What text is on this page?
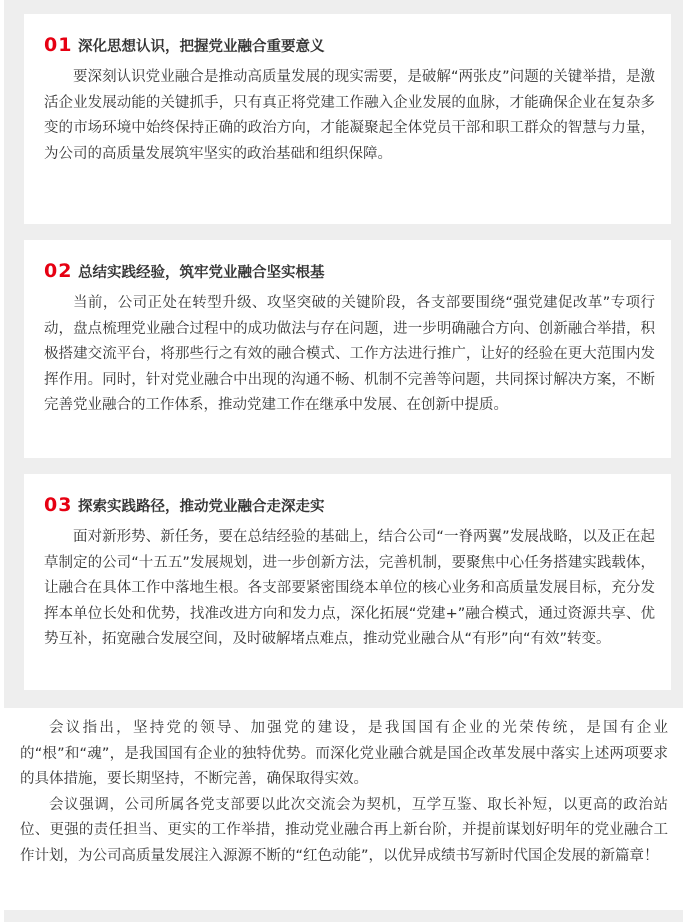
01 深化思想认识，把握党业融合重要意义

要深刻认识党业融合是推动高质量发展的现实需要，是破解“两张皮”问题的关键举措，是激活企业发展动能的关键抓手，只有真正将党建工作融入企业发展的血脉，才能确保企业在复杂多变的市场环境中始终保持正确的政治方向，才能凝聚起全体党员干部和职工群众的智慧与力量，为公司的高质量发展筑牢坚实的政治基础和组织保障。

02 总结实践经验，筑牢党业融合坚实根基

当前，公司正处在转型升级、攻坚突破的关键阶段，各支部要围绕“强党建促改革”专项行动，盘点梳理党业融合过程中的成功做法与存在问题，进一步明确融合方向、创新融合举措，积极搭建交流平台，将那些行之有效的融合模式、工作方法进行推广，让好的经验在更大范围内发挥作用。同时，针对党业融合中出现的沟通不畅、机制不完善等问题，共同探讨解决方案，不断完善党业融合的工作体系，推动党建工作在继承中发展、在创新中提质。

03 探索实践路径，推动党业融合走深走实

面对新形势、新任务，要在总结经验的基础上，结合公司“一脊两翼”发展战略，以及正在起草制定的公司“十五五”发展规划，进一步创新方法，完善机制，要聚焦中心任务搭建实践载体，让融合在具体工作中落地生根。各支部要紧密围绕本单位的核心业务和高质量发展目标，充分发挥本单位长处和优势，找准改进方向和发力点，深化拓展“党建+”融合模式，通过资源共享、优势互补，拓宽融合发展空间，及时破解堵点难点，推动党业融合从“有形”向“有效”转变。

会议指出，坚持党的领导、加强党的建设，是我国国有企业的光荣传统，是国有企业的“根”和“魂”，是我国国有企业的独特优势。而深化党业融合就是国企改革发展中落实上述两项要求的具体措施，要长期坚持，不断完善，确保取得实效。

会议强调，公司所属各党支部要以此次交流会为契机，互学互鉴、取长补短，以更高的政治站位、更强的责任担当、更实的工作举措，推动党业融合再上新台阶，并提前谋划好明年的党业融合工作计划，为公司高质量发展注入源源不断的“红色动能”，以优异成绩书写新时代国企发展的新篇章！
